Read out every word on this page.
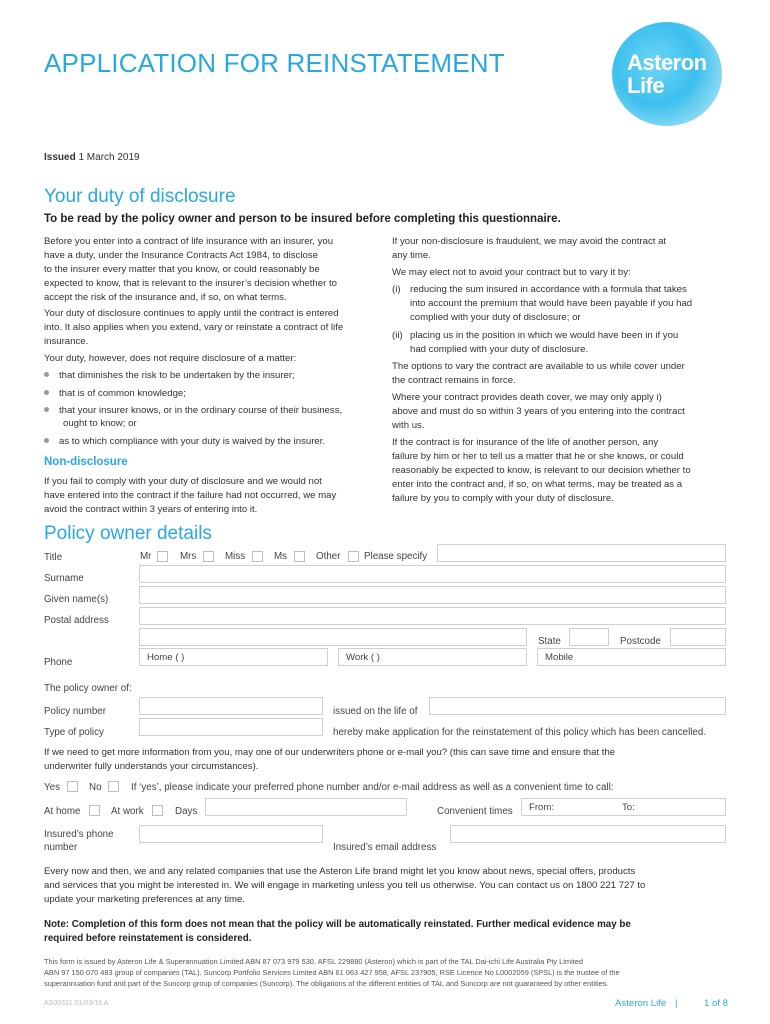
APPLICATION FOR REINSTATEMENT	Asteron
Life
Issued 1 March 2019
Your duty of disclosure
To be read by the policy owner and person to be insured before completing this questionnaire.
Before you enter into a contract of life insurance with an insurer, you
have a duty, under the Insurance Contracts Act 1984, to disclose
to the insurer every matter that you know, or could reasonably be
expected to know, that is relevant to the insurer’s decision whether to
accept the risk of the insurance and, if so, on what terms.
Your duty of disclosure continues to apply until the contract is entered
into. It also applies when you extend, vary or reinstate a contract of life
insurance.
Your duty, however, does not require disclosure of a matter:
that diminishes the risk to be undertaken by the insurer;
that is of common knowledge;
that your insurer knows, or in the ordinary course of their business,
ought to know; or
as to which compliance with your duty is waived by the insurer.
Non-disclosure
If you fail to comply with your duty of disclosure and we would not
have entered into the contract if the failure had not occurred, we may
avoid the contract within 3 years of entering into it.
If your non-disclosure is fraudulent, we may avoid the contract at
any time.
We may elect not to avoid your contract but to vary it by:
(i) reducing the sum insured in accordance with a formula that takes
into account the premium that would have been payable if you had
complied with your duty of disclosure; or
(ii) placing us in the position in which we would have been in if you
had complied with your duty of disclosure.
The options to vary the contract are available to us while cover under
the contract remains in force.
Where your contract provides death cover, we may only apply i)
above and must do so within 3 years of you entering into the contract
with us.
If the contract is for insurance of the life of another person, any
failure by him or her to tell us a matter that he or she knows, or could
reasonably be expected to know, is relevant to our decision whether to
enter into the contract and, if so, on what terms, may be treated as a
failure by you to comply with your duty of disclosure.
Policy owner details
Title	Mr	Mrs	Miss	Ms	Other Please specify
Surname
Given name(s)
Postal address
State	Postcode
Phone	Home ( )	Work ( )	Mobile
The policy owner of:
Policy number	issued on the life of
Type of policy	hereby make application for the reinstatement of this policy which has been cancelled.
If we need to get more information from you, may one of our underwriters phone or e-mail you? (this can save time and ensure that the
underwriter fully understands your circumstances).
Yes	No	If ‘yes’, please indicate your preferred phone number and/or e-mail address as well as a convenient time to call:
At home	At work	Days	Convenient times From:	To:
Insured’s phone
number	Insured’s email address
Every now and then, we and any related companies that use the Asteron Life brand might let you know about news, special offers, products
and services that you might be interested in. We will engage in marketing unless you tell us otherwise. You can contact us on 1800 221 727 to
update your marketing preferences at any time.
Note: Completion of this form does not mean that the policy will be automatically reinstated. Further medical evidence may be
required before reinstatement is considered.
This form is issued by Asteron Life & Superannuation Limited ABN 87 073 979 530, AFSL 229880 (Asteron) which is part of the TAL Dai-ichi Life Australia Pty Limited
ABN 97 150 070 483 group of companies (TAL). Suncorp Portfolio Services Limited ABN 61 063 427 958, AFSL 237905, RSE Licence No L0002059 (SPSL) is the trustee of the
superannuation fund and part of the Suncorp group of companies (Suncorp). The obligations of the different entities of TAL and Suncorp are not guaranteed by other entities.
AS00331 01/03/19 A	Asteron Life |	1 of 8
